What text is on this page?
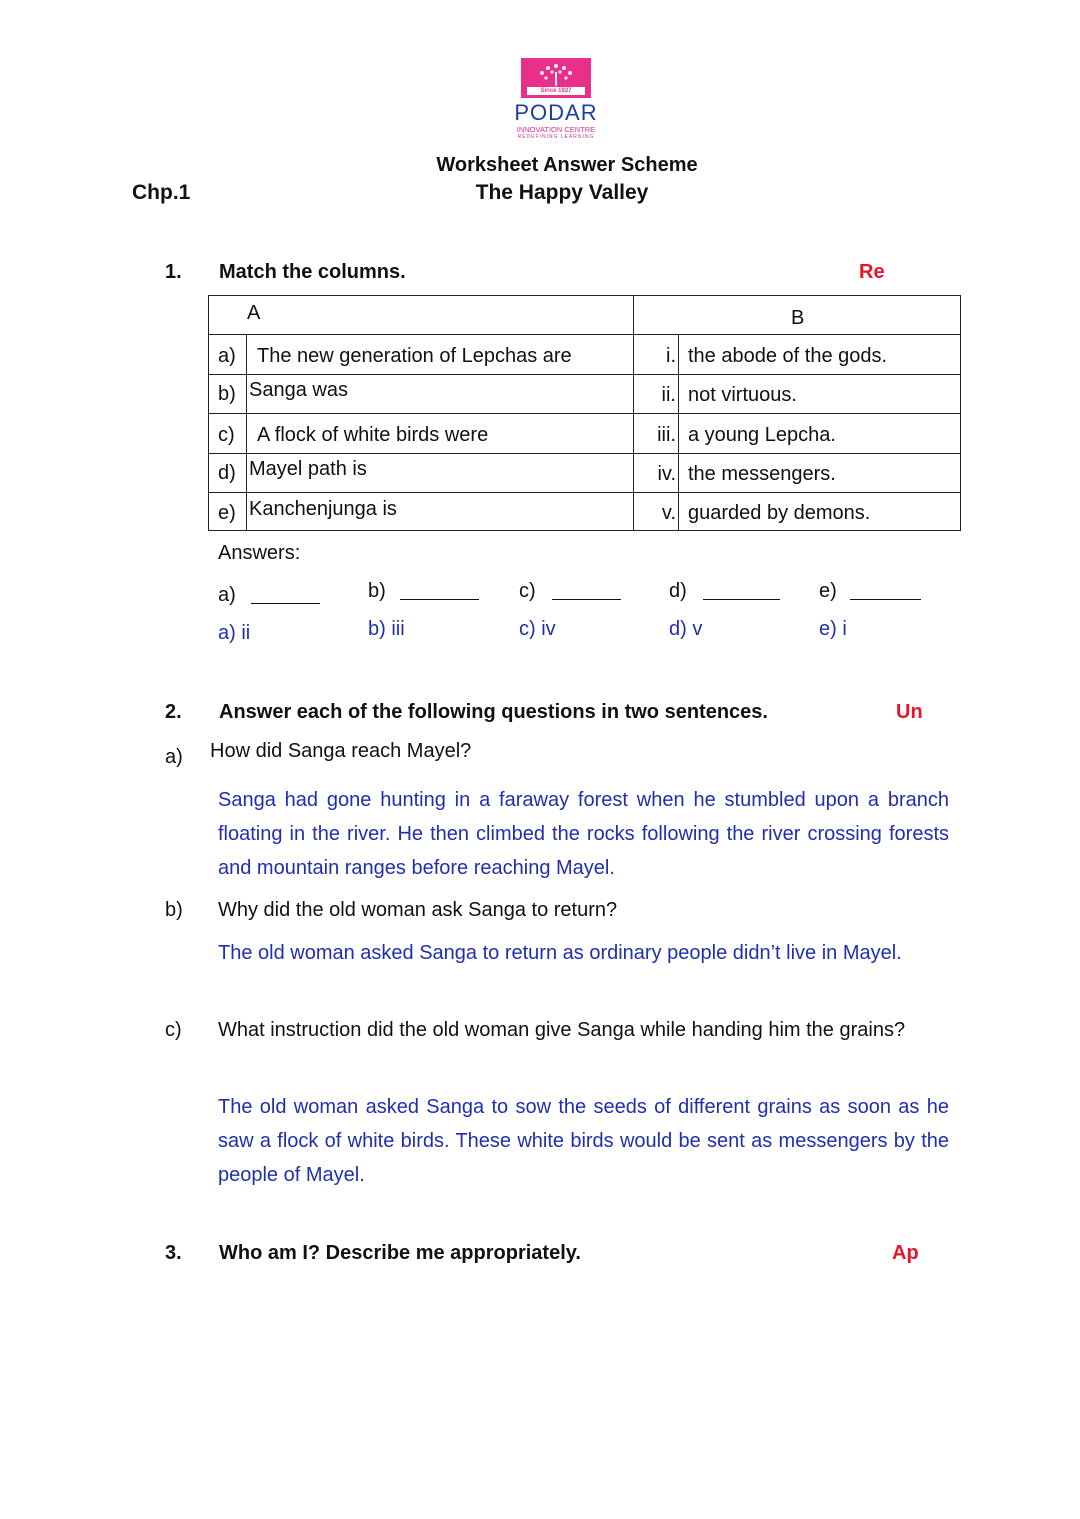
Since 1927
PODAR
INNOVATION CENTRE
REDEFINING LEARNING
Worksheet Answer Scheme
Chp.1	The Happy Valley
1. Match the columns.	Re
A	B
a) The new generation of Lepchas are	i. the abode of the gods.
b) Sanga was	ii. not virtuous.
c) A flock of white birds were	iii. a young Lepcha.
d) Mayel path is	iv. the messengers.
e) Kanchenjunga is	v. guarded by demons.
Answers:
a)	b)	c)	d)	e)
a) ii	b) iii	c) iv	d) v	e) i
2. Answer each of the following questions in two sentences.	Un
a) How did Sanga reach Mayel?
Sanga had gone hunting in a faraway forest when he stumbled upon a branch floating in the river. He then climbed the rocks following the river crossing forests and mountain ranges before reaching Mayel.
b) Why did the old woman ask Sanga to return?
The old woman asked Sanga to return as ordinary people didn’t live in Mayel.
c) What instruction did the old woman give Sanga while handing him the grains?
The old woman asked Sanga to sow the seeds of different grains as soon as he saw a flock of white birds. These white birds would be sent as messengers by the people of Mayel.
3. Who am I? Describe me appropriately.	Ap
